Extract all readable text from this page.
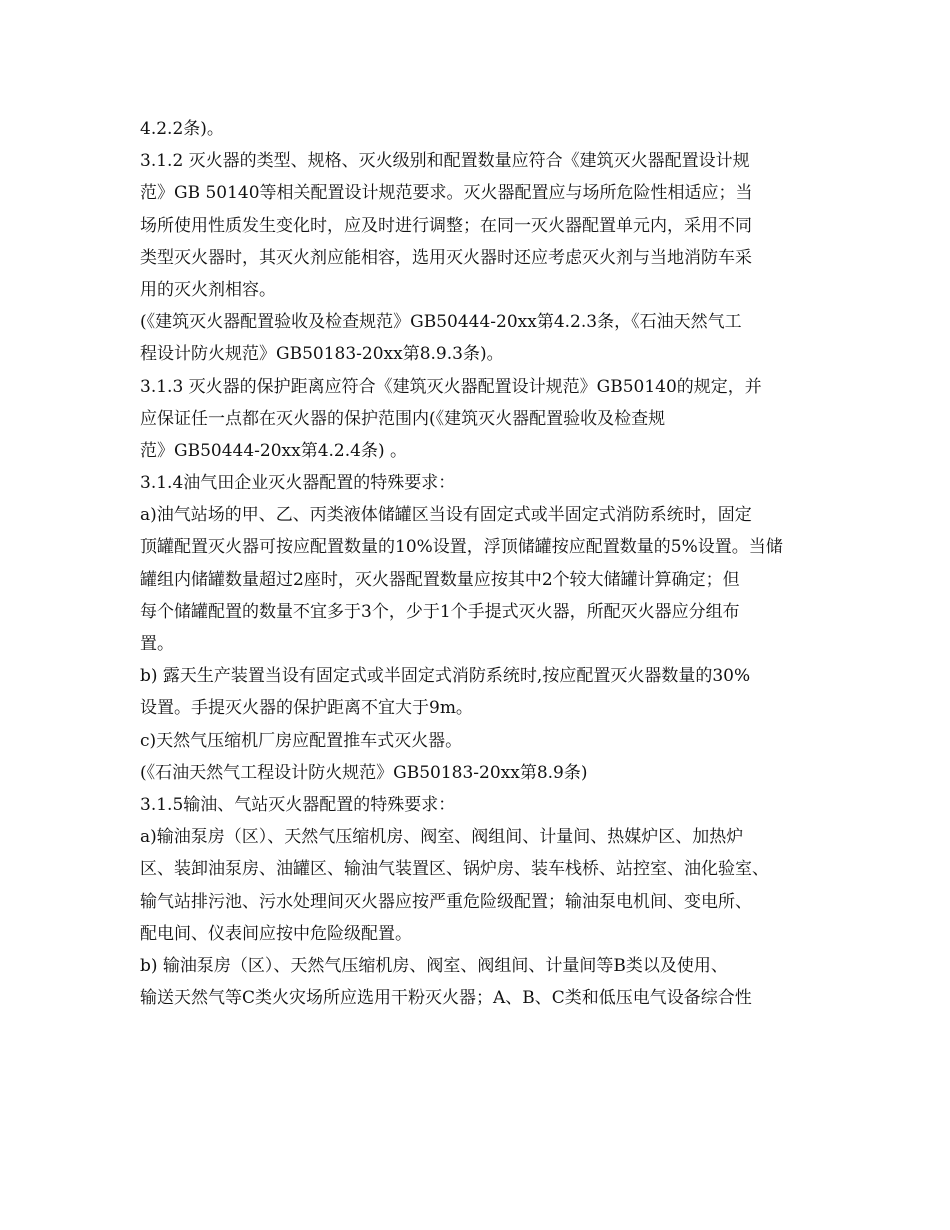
4.2.2条)。
3.1.2 灭火器的类型、规格、灭火级别和配置数量应符合《建筑灭火器配置设计规
范》GB 50140等相关配置设计规范要求。灭火器配置应与场所危险性相适应；当
场所使用性质发生变化时，应及时进行调整；在同一灭火器配置单元内，采用不同
类型灭火器时，其灭火剂应能相容，选用灭火器时还应考虑灭火剂与当地消防车采
用的灭火剂相容。
(《建筑灭火器配置验收及检查规范》GB50444-20xx第4.2.3条，《石油天然气工
程设计防火规范》GB50183-20xx第8.9.3条)。
3.1.3 灭火器的保护距离应符合《建筑灭火器配置设计规范》GB50140的规定，并
应保证任一点都在灭火器的保护范围内(《建筑灭火器配置验收及检查规
范》GB50444-20xx第4.2.4条) 。
3.1.4油气田企业灭火器配置的特殊要求：
a)油气站场的甲、乙、丙类液体储罐区当设有固定式或半固定式消防系统时，固定
顶罐配置灭火器可按应配置数量的10%设置，浮顶储罐按应配置数量的5%设置。当储
罐组内储罐数量超过2座时，灭火器配置数量应按其中2个较大储罐计算确定；但
每个储罐配置的数量不宜多于3个，少于1个手提式灭火器，所配灭火器应分组布
置。
b) 露天生产装置当设有固定式或半固定式消防系统时,按应配置灭火器数量的30%
设置。手提灭火器的保护距离不宜大于9m。
c)天然气压缩机厂房应配置推车式灭火器。
(《石油天然气工程设计防火规范》GB50183-20xx第8.9条)
3.1.5输油、气站灭火器配置的特殊要求：
a)输油泵房（区）、天然气压缩机房、阀室、阀组间、计量间、热媒炉区、加热炉
区、装卸油泵房、油罐区、输油气装置区、锅炉房、装车栈桥、站控室、油化验室、
输气站排污池、污水处理间灭火器应按严重危险级配置；输油泵电机间、变电所、
配电间、仪表间应按中危险级配置。
b) 输油泵房（区）、天然气压缩机房、阀室、阀组间、计量间等B类以及使用、
输送天然气等C类火灾场所应选用干粉灭火器；A、B、C类和低压电气设备综合性
